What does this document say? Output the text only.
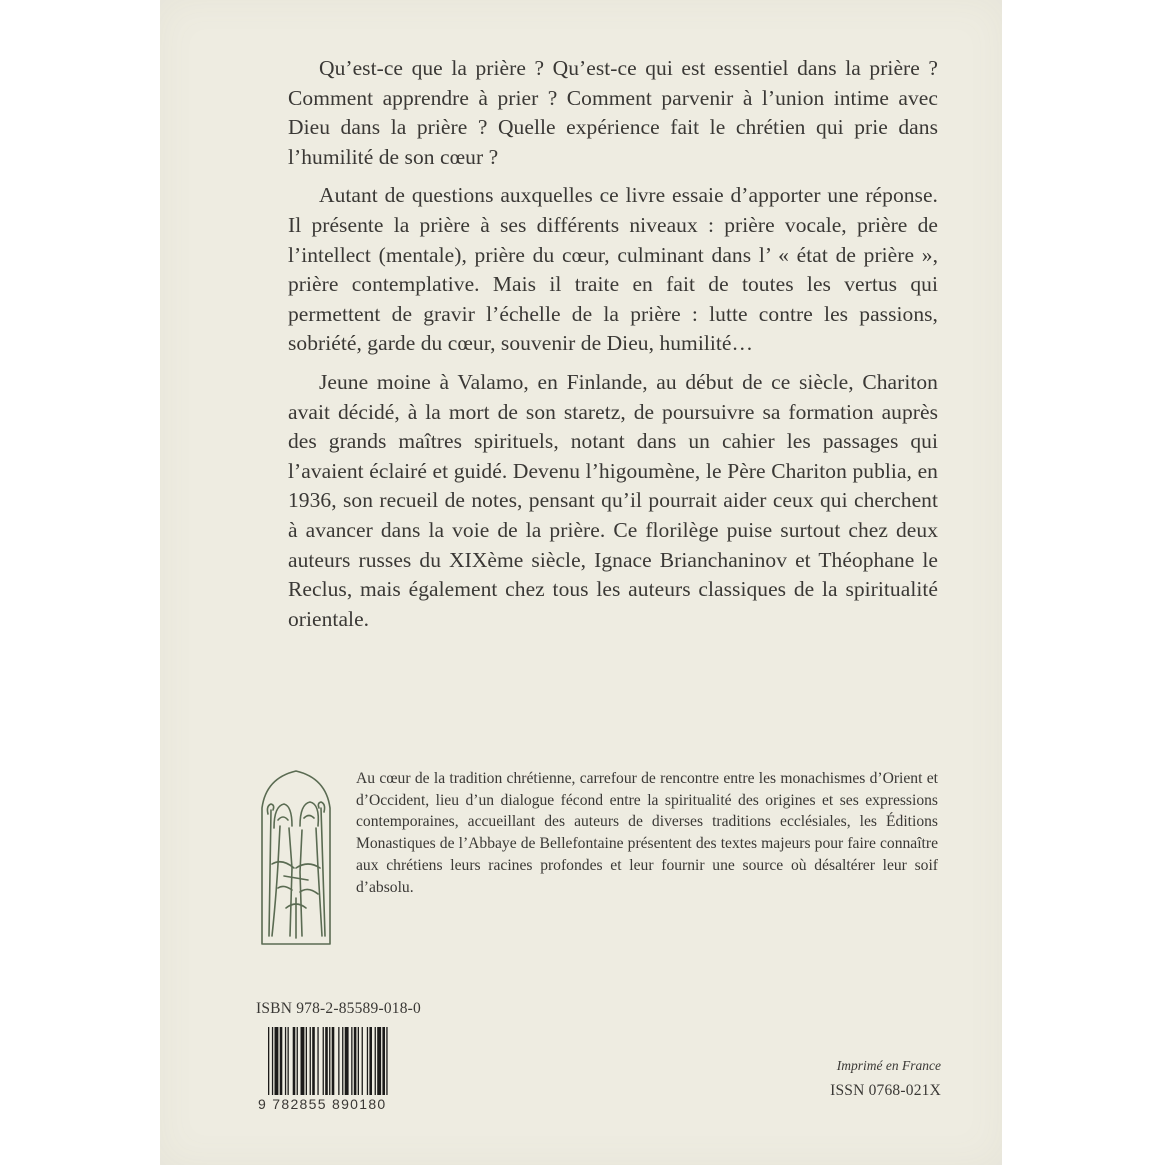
Qu’est-ce que la prière ? Qu’est-ce qui est essentiel dans la prière ? Comment apprendre à prier ? Comment parvenir à l’union intime avec Dieu dans la prière ? Quelle expérience fait le chrétien qui prie dans l’humilité de son cœur ?

Autant de questions auxquelles ce livre essaie d’apporter une réponse. Il présente la prière à ses différents niveaux : prière vocale, prière de l’intellect (mentale), prière du cœur, culminant dans l’ « état de prière », prière contemplative. Mais il traite en fait de toutes les vertus qui permettent de gravir l’échelle de la prière : lutte contre les passions, sobriété, garde du cœur, souvenir de Dieu, humilité…

Jeune moine à Valamo, en Finlande, au début de ce siècle, Chariton avait décidé, à la mort de son staretz, de poursuivre sa formation auprès des grands maîtres spirituels, notant dans un cahier les passages qui l’avaient éclairé et guidé. Devenu l’higoumène, le Père Chariton publia, en 1936, son recueil de notes, pensant qu’il pourrait aider ceux qui cherchent à avancer dans la voie de la prière. Ce florilège puise surtout chez deux auteurs russes du XIXème siècle, Ignace Brianchaninov et Théophane le Reclus, mais également chez tous les auteurs classiques de la spiritualité orientale.

Au cœur de la tradition chrétienne, carrefour de rencontre entre les monachismes d’Orient et d’Occident, lieu d’un dialogue fécond entre la spiritualité des origines et ses expressions contemporaines, accueillant des auteurs de diverses traditions ecclésiales, les Éditions Monastiques de l’Abbaye de Bellefontaine présentent des textes majeurs pour faire connaître aux chrétiens leurs racines profondes et leur fournir une source où désaltérer leur soif d’absolu.

ISBN 978-2-85589-018-0
9 782855 890180
Imprimé en France
ISSN 0768-021X
